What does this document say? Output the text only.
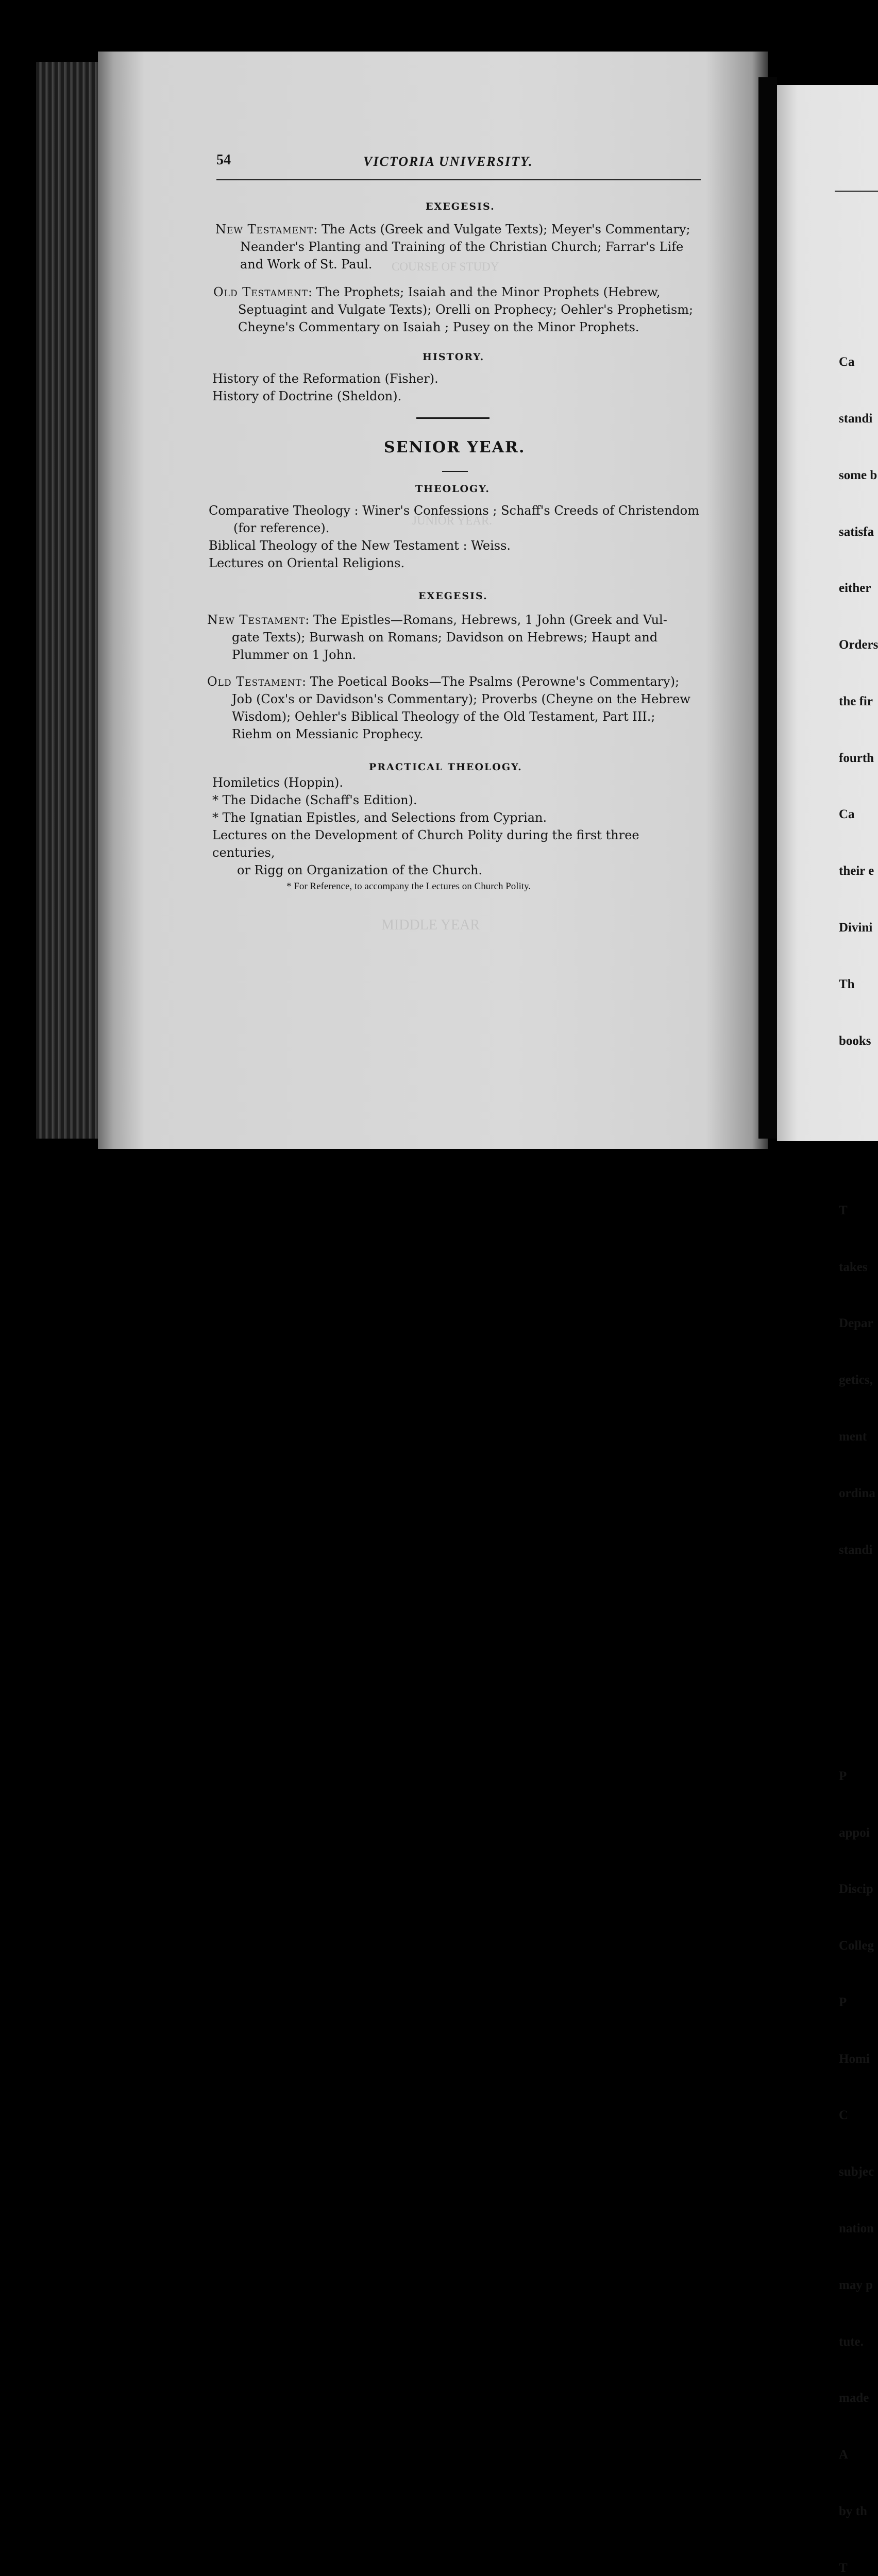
COURSE OF STUDY
JUNIOR YEAR.
MIDDLE YEAR
54	VICTORIA UNIVERSITY.
EXEGESIS.
New Testament: The Acts (Greek and Vulgate Texts); Meyer's Commentary;
Neander's Planting and Training of the Christian Church; Farrar's Life
and Work of St. Paul.
Old Testament: The Prophets; Isaiah and the Minor Prophets (Hebrew,
Septuagint and Vulgate Texts); Orelli on Prophecy; Oehler's Prophetism;
Cheyne's Commentary on Isaiah ; Pusey on the Minor Prophets.
HISTORY.
History of the Reformation (Fisher).
History of Doctrine (Sheldon).
SENIOR YEAR.
THEOLOGY.
Comparative Theology : Winer's Confessions ; Schaff's Creeds of Christendom
(for reference).
Biblical Theology of the New Testament : Weiss.
Lectures on Oriental Religions.
EXEGESIS.
New Testament: The Epistles—Romans, Hebrews, 1 John (Greek and Vul-
gate Texts); Burwash on Romans; Davidson on Hebrews; Haupt and
Plummer on 1 John.
Old Testament: The Poetical Books—The Psalms (Perowne's Commentary);
Job (Cox's or Davidson's Commentary); Proverbs (Cheyne on the Hebrew
Wisdom); Oehler's Biblical Theology of the Old Testament, Part III.;
Riehm on Messianic Prophecy.
PRACTICAL THEOLOGY.
Homiletics (Hoppin).
* The Didache (Schaff's Edition).
* The Ignatian Epistles, and Selections from Cyprian.
Lectures on the Development of Church Polity during the first three centuries,
or Rigg on Organization of the Church.
* For Reference, to accompany the Lectures on Church Polity.

Ca

standi

some b

satisfa

either

Orders

the fir

fourth

Ca

their e

Divini

Th

books

T

takes

Depar

getics,

ment

ordina

standi

P

appoi

Discip

Colleg

P

Homi

C

subjec

nation

may p

tute.

made

A

by th

T
